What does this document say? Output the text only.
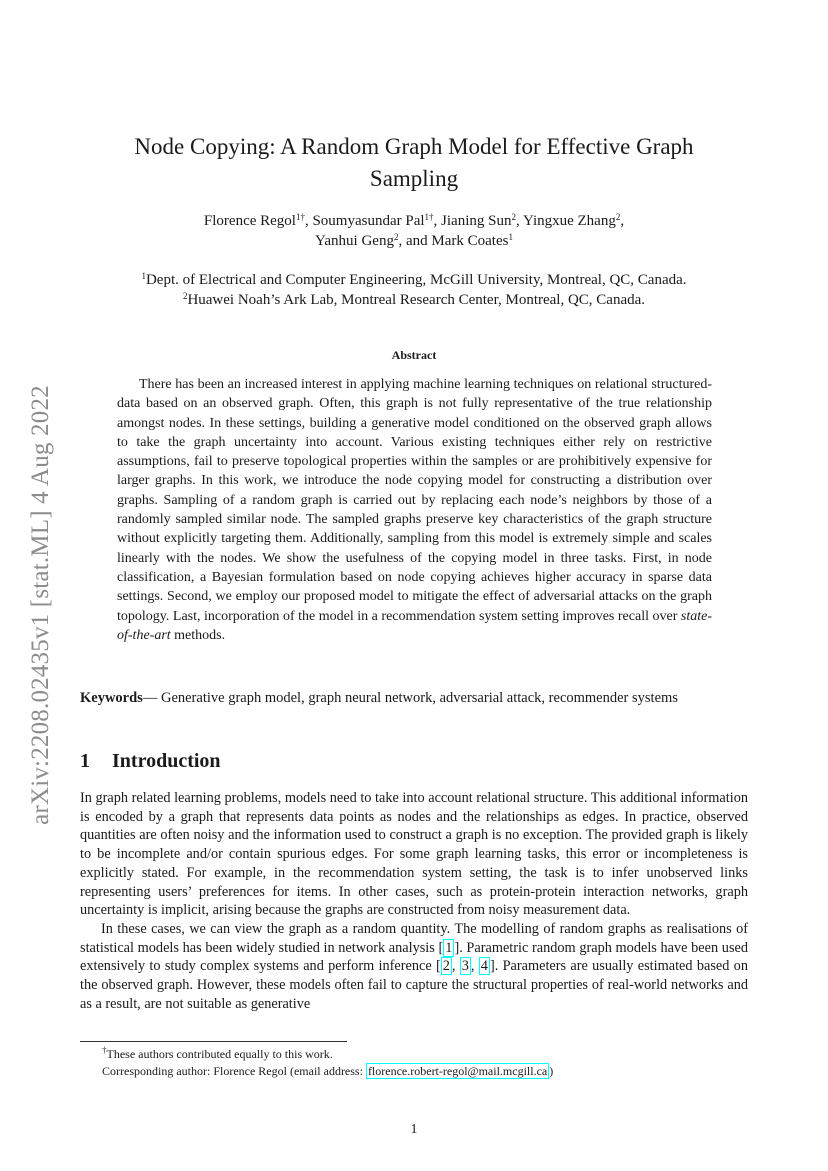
arXiv:2208.02435v1 [stat.ML] 4 Aug 2022
Node Copying: A Random Graph Model for Effective Graph Sampling
Florence Regol$^{1\dagger}$, Soumyasundar Pal$^{1\dagger}$, Jianing Sun$^2$, Yingxue Zhang$^2$,
Yanhui Geng$^2$, and Mark Coates$^1$
$^1$Dept. of Electrical and Computer Engineering, McGill University, Montreal, QC, Canada.
$^2$Huawei Noah’s Ark Lab, Montreal Research Center, Montreal, QC, Canada.
Abstract

There has been an increased interest in applying machine learning techniques on relational structured-data based on an observed graph. Often, this graph is not fully representative of the true relationship amongst nodes. In these settings, building a generative model conditioned on the observed graph allows to take the graph uncertainty into account. Various existing techniques either rely on restrictive assumptions, fail to preserve topological properties within the samples or are prohibitively expensive for larger graphs. In this work, we introduce the node copying model for constructing a distribution over graphs. Sampling of a random graph is carried out by replacing each node’s neighbors by those of a randomly sampled similar node. The sampled graphs preserve key characteristics of the graph structure without explicitly targeting them. Additionally, sampling from this model is extremely simple and scales linearly with the nodes. We show the usefulness of the copying model in three tasks. First, in node classification, a Bayesian formulation based on node copying achieves higher accuracy in sparse data settings. Second, we employ our proposed model to mitigate the effect of adversarial attacks on the graph topology. Last, incorporation of the model in a recommendation system setting improves recall over state-of-the-art methods.

Keywords— Generative graph model, graph neural network, adversarial attack, recommender systems

1 Introduction

In graph related learning problems, models need to take into account relational structure. This additional information is encoded by a graph that represents data points as nodes and the relationships as edges. In practice, observed quantities are often noisy and the information used to construct a graph is no exception. The provided graph is likely to be incomplete and/or contain spurious edges. For some graph learning tasks, this error or incompleteness is explicitly stated. For example, in the recommendation system setting, the task is to infer unobserved links representing users’ preferences for items. In other cases, such as protein-protein interaction networks, graph uncertainty is implicit, arising because the graphs are constructed from noisy measurement data.

In these cases, we can view the graph as a random quantity. The modelling of random graphs as realisations of statistical models has been widely studied in network analysis [ 1 ]. Parametric random graph models have been used extensively to study complex systems and perform inference [ 2 , 3 , 4 ]. Parameters are usually estimated based on the observed graph. However, these models often fail to capture the structural properties of real-world networks and as a result, are not suitable as generative

†These authors contributed equally to this work.
Corresponding author: Florence Regol (email address: florence.robert-regol@mail.mcgill.ca )
1
